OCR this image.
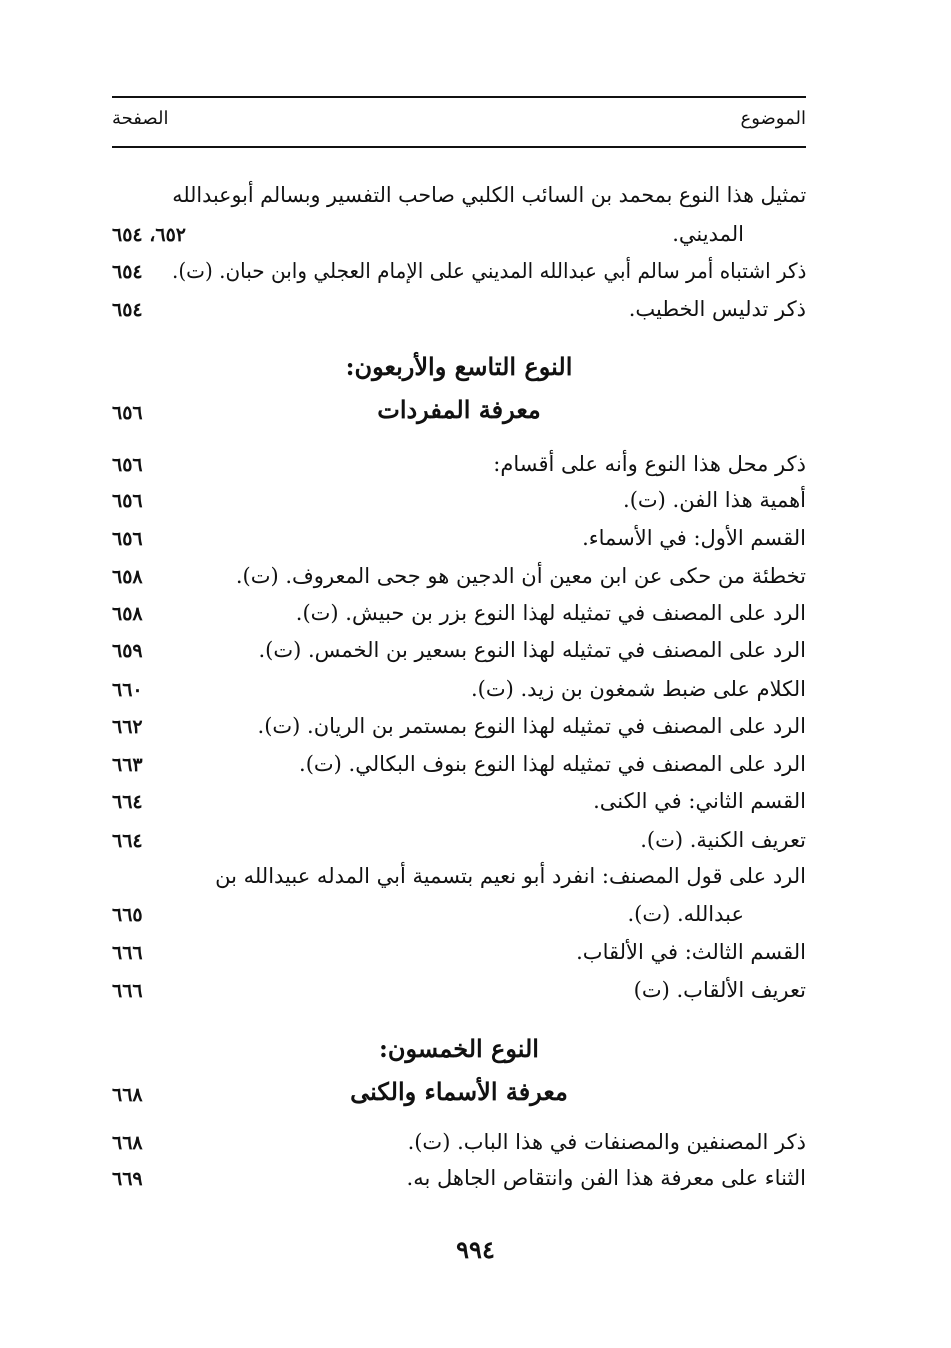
الموضوع
الصفحة
تمثيل هذا النوع بمحمد بن السائب الكلبي صاحب التفسير وبسالم أبوعبدالله
المديني.
٦٥٢، ٦٥٤
ذكر اشتباه أمر سالم أبي عبدالله المديني على الإمام العجلي وابن حبان. (ت).
٦٥٤
ذكر تدليس الخطيب.
٦٥٤
النوع التاسع والأربعون:
معرفة المفردات
٦٥٦
ذكر محل هذا النوع وأنه على أقسام:
٦٥٦
أهمية هذا الفن. (ت).
٦٥٦
القسم الأول: في الأسماء.
٦٥٦
تخطئة من حكى عن ابن معين أن الدجين هو جحى المعروف. (ت).
٦٥٨
الرد على المصنف في تمثيله لهذا النوع بزر بن حبيش. (ت).
٦٥٨
الرد على المصنف في تمثيله لهذا النوع بسعير بن الخمس. (ت).
٦٥٩
الكلام على ضبط شمغون بن زيد. (ت).
٦٦٠
الرد على المصنف في تمثيله لهذا النوع بمستمر بن الريان. (ت).
٦٦٢
الرد على المصنف في تمثيله لهذا النوع بنوف البكالي. (ت).
٦٦٣
القسم الثاني: في الكنى.
٦٦٤
تعريف الكنية. (ت).
٦٦٤
الرد على قول المصنف: انفرد أبو نعيم بتسمية أبي المدله عبيدالله بن
عبدالله. (ت).
٦٦٥
القسم الثالث: في الألقاب.
٦٦٦
تعريف الألقاب. (ت)
٦٦٦
النوع الخمسون:
معرفة الأسماء والكنى
٦٦٨
ذكر المصنفين والمصنفات في هذا الباب. (ت).
٦٦٨
الثناء على معرفة هذا الفن وانتقاص الجاهل به.
٦٦٩
٩٩٤
